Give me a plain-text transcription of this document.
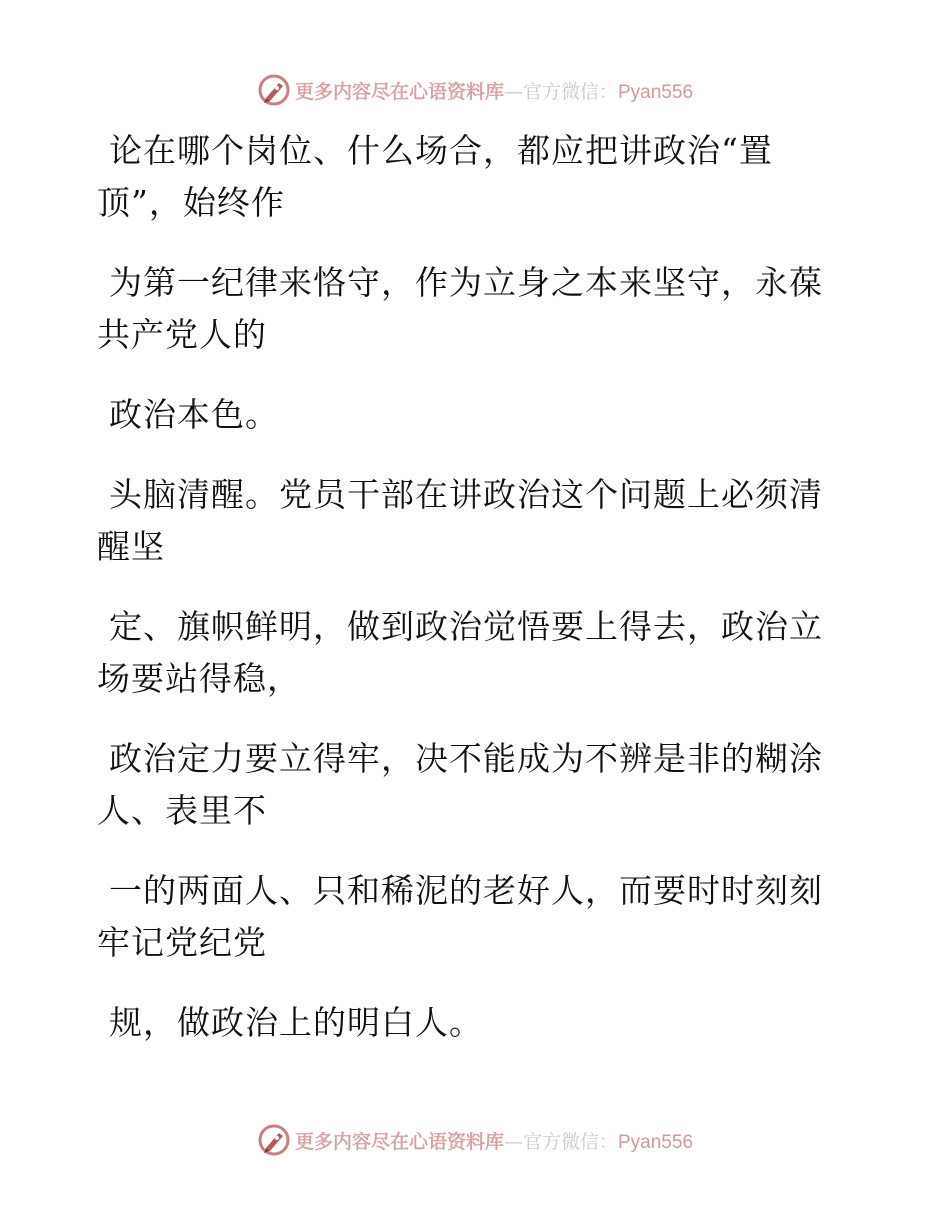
更多内容尽在心语资料库—官方微信：Pyan556
论在哪个岗位、什么场合，都应把讲政治“置
顶”，始终作
为第一纪律来恪守，作为立身之本来坚守，永葆
共产党人的
政治本色。
头脑清醒。党员干部在讲政治这个问题上必须清
醒坚
定、旗帜鲜明，做到政治觉悟要上得去，政治立
场要站得稳，
政治定力要立得牢，决不能成为不辨是非的糊涂
人、表里不
一的两面人、只和稀泥的老好人，而要时时刻刻
牢记党纪党
规，做政治上的明白人。
更多内容尽在心语资料库—官方微信：Pyan556
